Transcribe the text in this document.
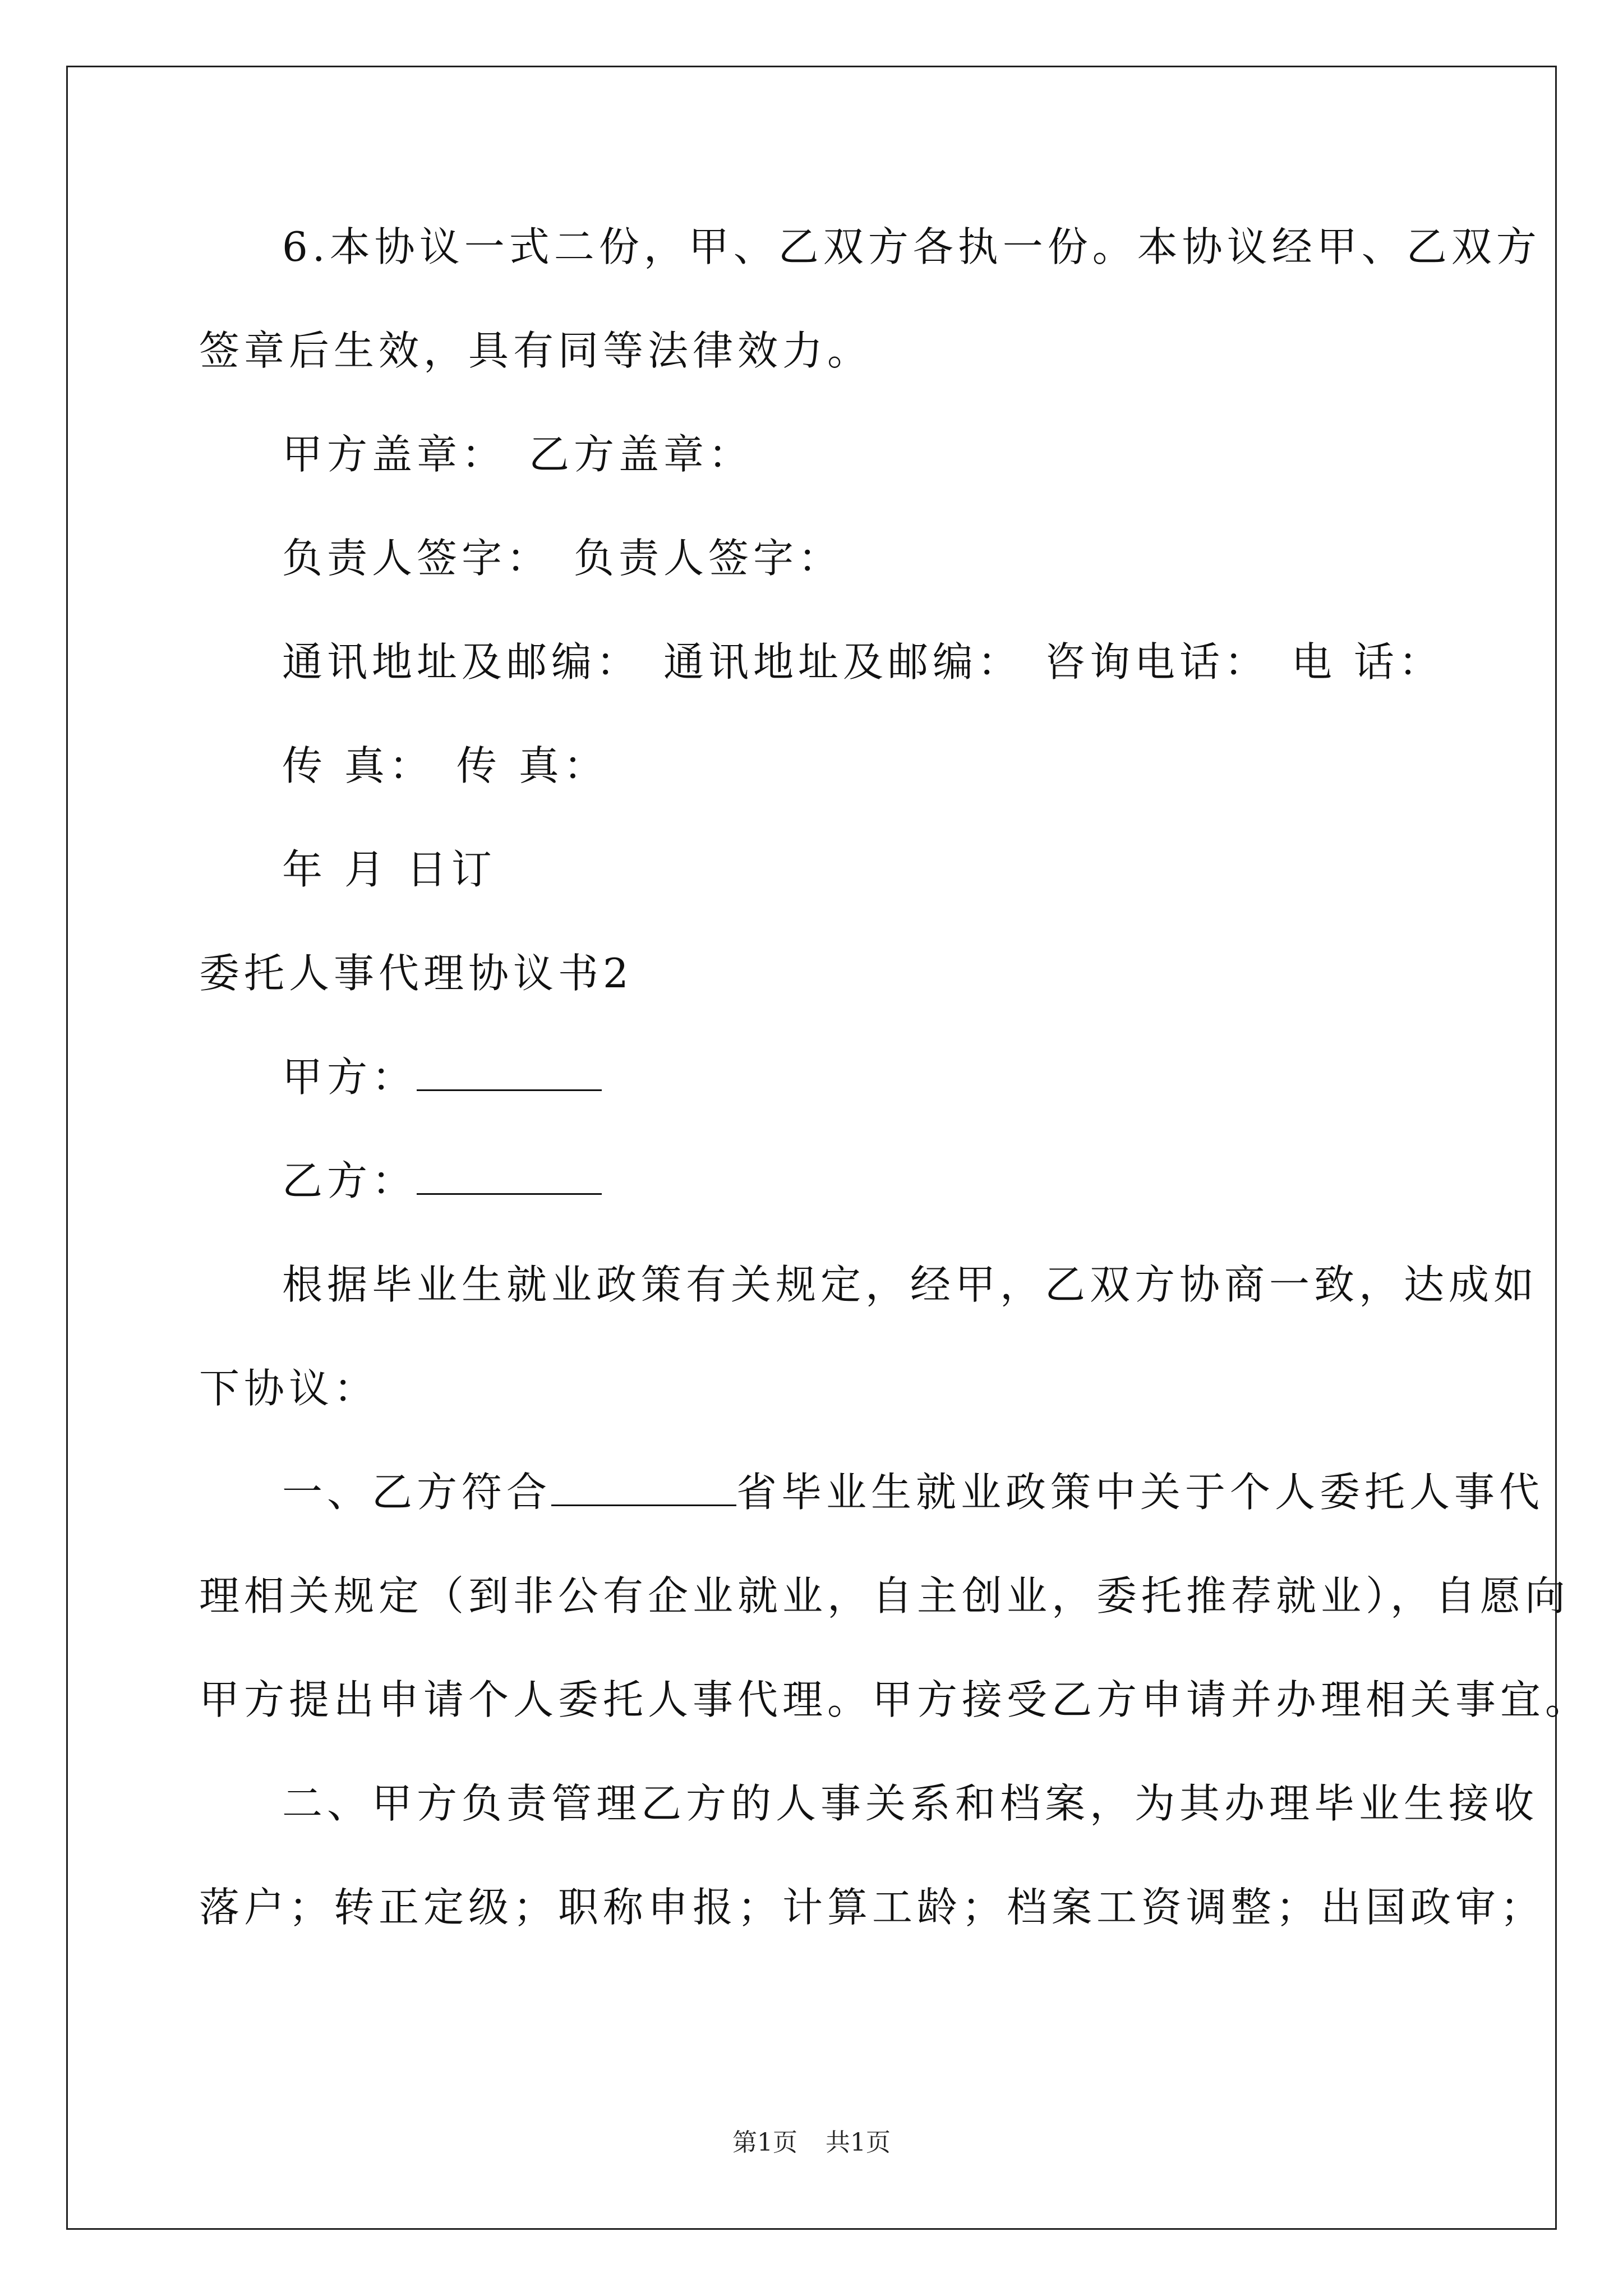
6.本协议一式二份，甲、乙双方各执一份。本协议经甲、乙双方
签章后生效，具有同等法律效力。
甲方盖章： 乙方盖章：
负责人签字： 负责人签字：
通讯地址及邮编： 通讯地址及邮编： 咨询电话： 电 话：
传 真： 传 真：
年 月 日订
委托人事代理协议书2
甲方：
乙方：
根据毕业生就业政策有关规定，经甲，乙双方协商一致，达成如
下协议：
一、乙方符合	省毕业生就业政策中关于个人委托人事代
理相关规定（到非公有企业就业，自主创业，委托推荐就业），自愿向
甲方提出申请个人委托人事代理。甲方接受乙方申请并办理相关事宜。
二、甲方负责管理乙方的人事关系和档案，为其办理毕业生接收
落户；转正定级；职称申报；计算工龄；档案工资调整；出国政审；
第1页 共1页
